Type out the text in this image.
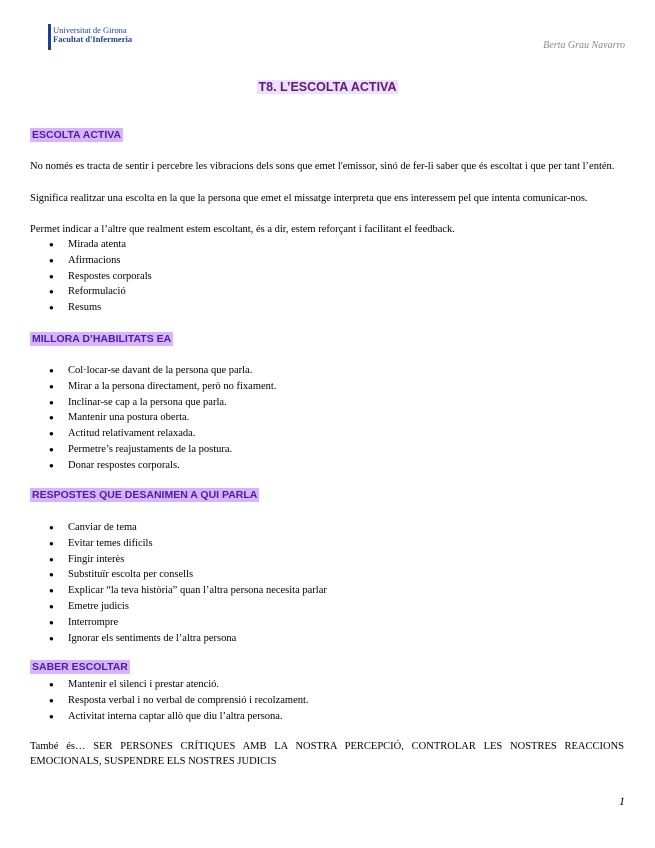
Universitat de Girona
Facultat d'Infermeria
Berta Grau Navarro
T8. L’ESCOLTA ACTIVA
ESCOLTA ACTIVA
No només es tracta de sentir i percebre les vibracions dels sons que emet l'emissor, sinó de fer-li saber que és escoltat i que per tant l’entén.
Significa realitzar una escolta en la que la persona que emet el missatge interpreta que ens interessem pel que intenta comunicar-nos.
Permet indicar a l’altre que realment estem escoltant, és a dir, estem reforçant i facilitant el feedback.
● Mirada atenta
● Afirmacions
● Respostes corporals
● Reformulació
● Resums
MILLORA D’HABILITATS EA
● Col·locar-se davant de la persona que parla.
● Mirar a la persona directament, però no fixament.
● Inclinar-se cap a la persona que parla.
● Mantenir una postura oberta.
● Actitud relativament relaxada.
● Permetre’s reajustaments de la postura.
● Donar respostes corporals.
RESPOSTES QUE DESANIMEN A QUI PARLA
● Canviar de tema
● Evitar temes difícils
● Fingir interès
● Substituïr escolta per consells
● Explicar “la teva història” quan l’altra persona necesita parlar
● Emetre judicis
● Interrompre
● Ignorar els sentiments de l’altra persona
SABER ESCOLTAR
● Mantenir el silenci i prestar atenció.
● Resposta verbal i no verbal de comprensió i recolzament.
● Activitat interna captar allò que diu l’altra persona.
També és… SER PERSONES CRÍTIQUES AMB LA NOSTRA PERCEPCIÓ, CONTROLAR LES NOSTRES REACCIONS EMOCIONALS, SUSPENDRE ELS NOSTRES JUDICIS
1
